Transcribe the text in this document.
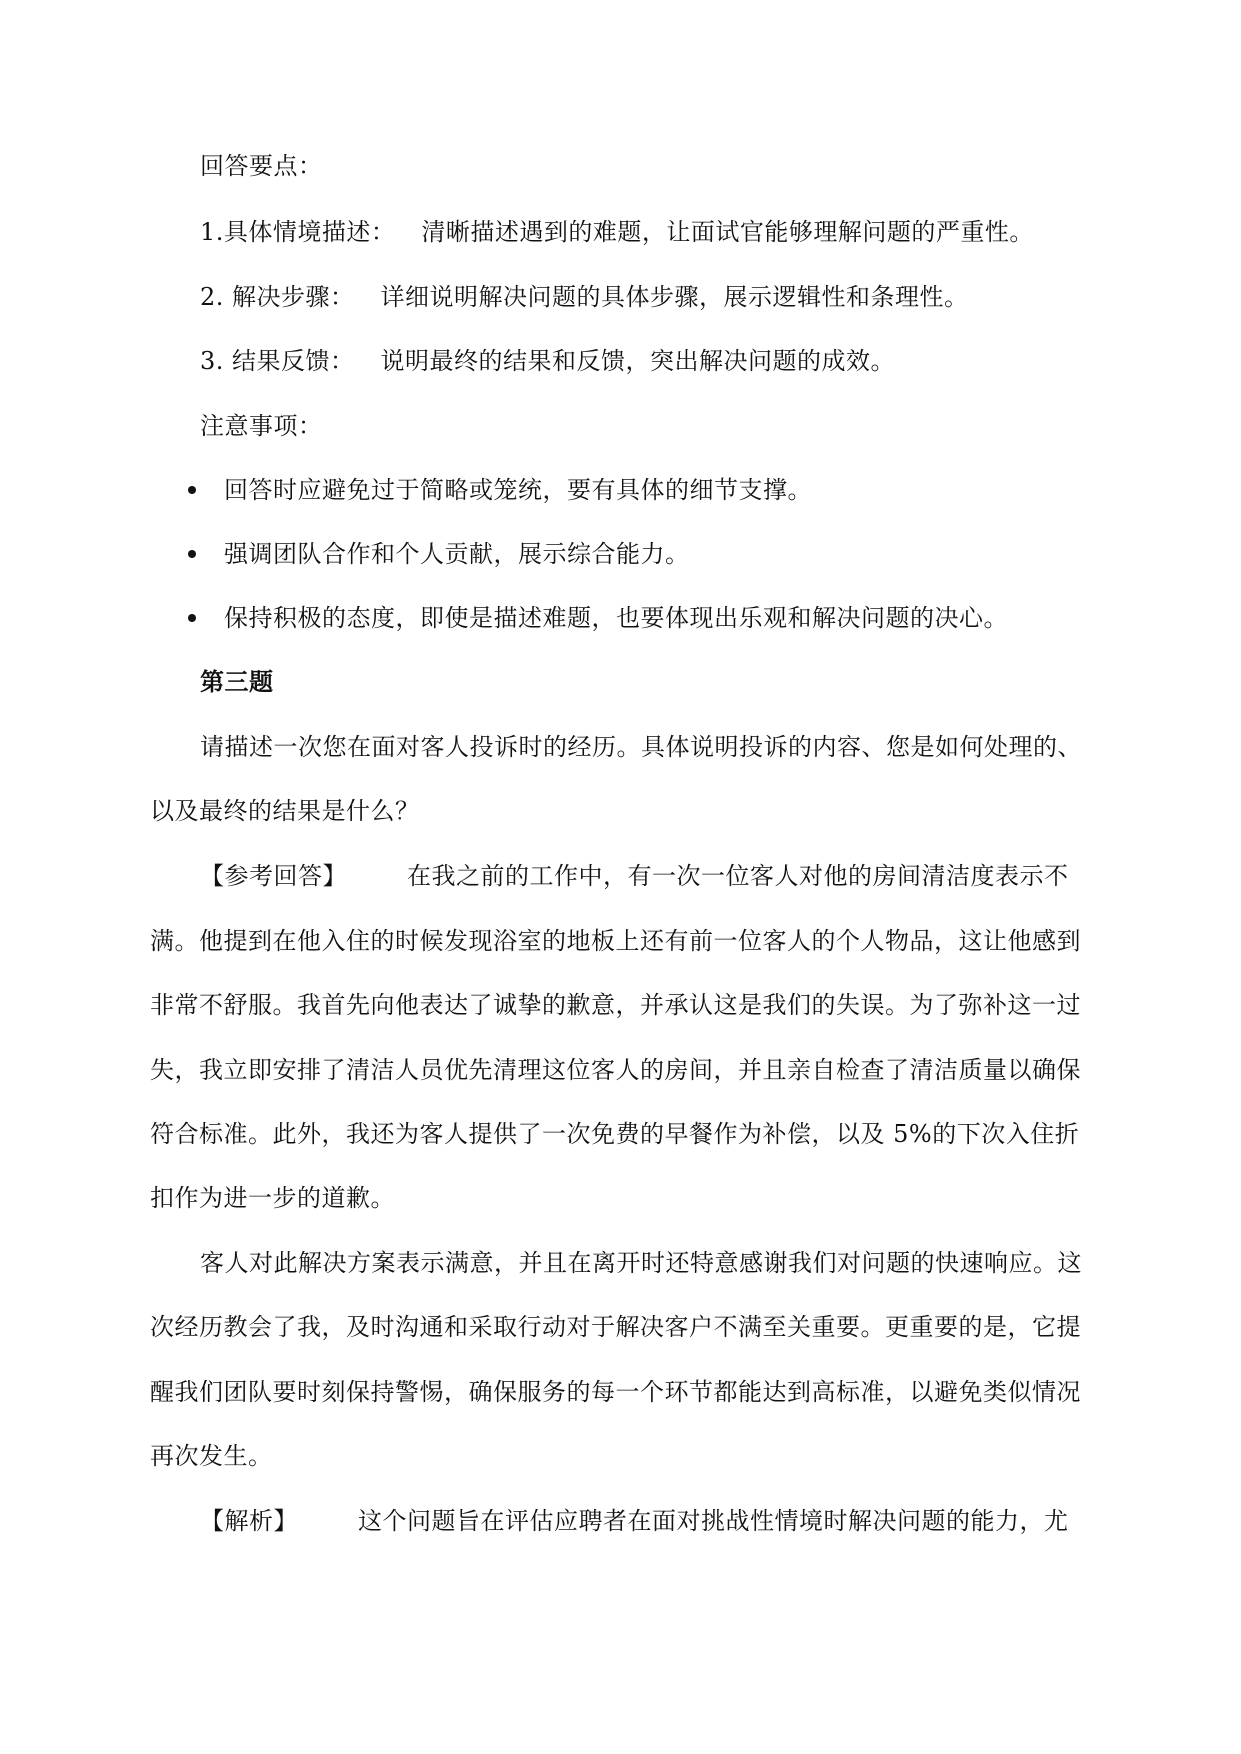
回答要点：
1.具体情境描述： 清晰描述遇到的难题，让面试官能够理解问题的严重性。
2. 解决步骤： 详细说明解决问题的具体步骤，展示逻辑性和条理性。
3. 结果反馈： 说明最终的结果和反馈，突出解决问题的成效。
注意事项：
回答时应避免过于简略或笼统，要有具体的细节支撑。
强调团队合作和个人贡献，展示综合能力。
保持积极的态度，即使是描述难题，也要体现出乐观和解决问题的决心。
第三题
请描述一次您在面对客人投诉时的经历。具体说明投诉的内容、您是如何处理的、
以及最终的结果是什么？
【参考回答】	在我之前的工作中，有一次一位客人对他的房间清洁度表示不
满。他提到在他入住的时候发现浴室的地板上还有前一位客人的个人物品，这让他感到
非常不舒服。我首先向他表达了诚挚的歉意，并承认这是我们的失误。为了弥补这一过
失，我立即安排了清洁人员优先清理这位客人的房间，并且亲自检查了清洁质量以确保
符合标准。此外，我还为客人提供了一次免费的早餐作为补偿，以及 5%的下次入住折
扣作为进一步的道歉。
客人对此解决方案表示满意，并且在离开时还特意感谢我们对问题的快速响应。这
次经历教会了我，及时沟通和采取行动对于解决客户不满至关重要。更重要的是，它提
醒我们团队要时刻保持警惕，确保服务的每一个环节都能达到高标准，以避免类似情况
再次发生。
【解析】	这个问题旨在评估应聘者在面对挑战性情境时解决问题的能力，尤
